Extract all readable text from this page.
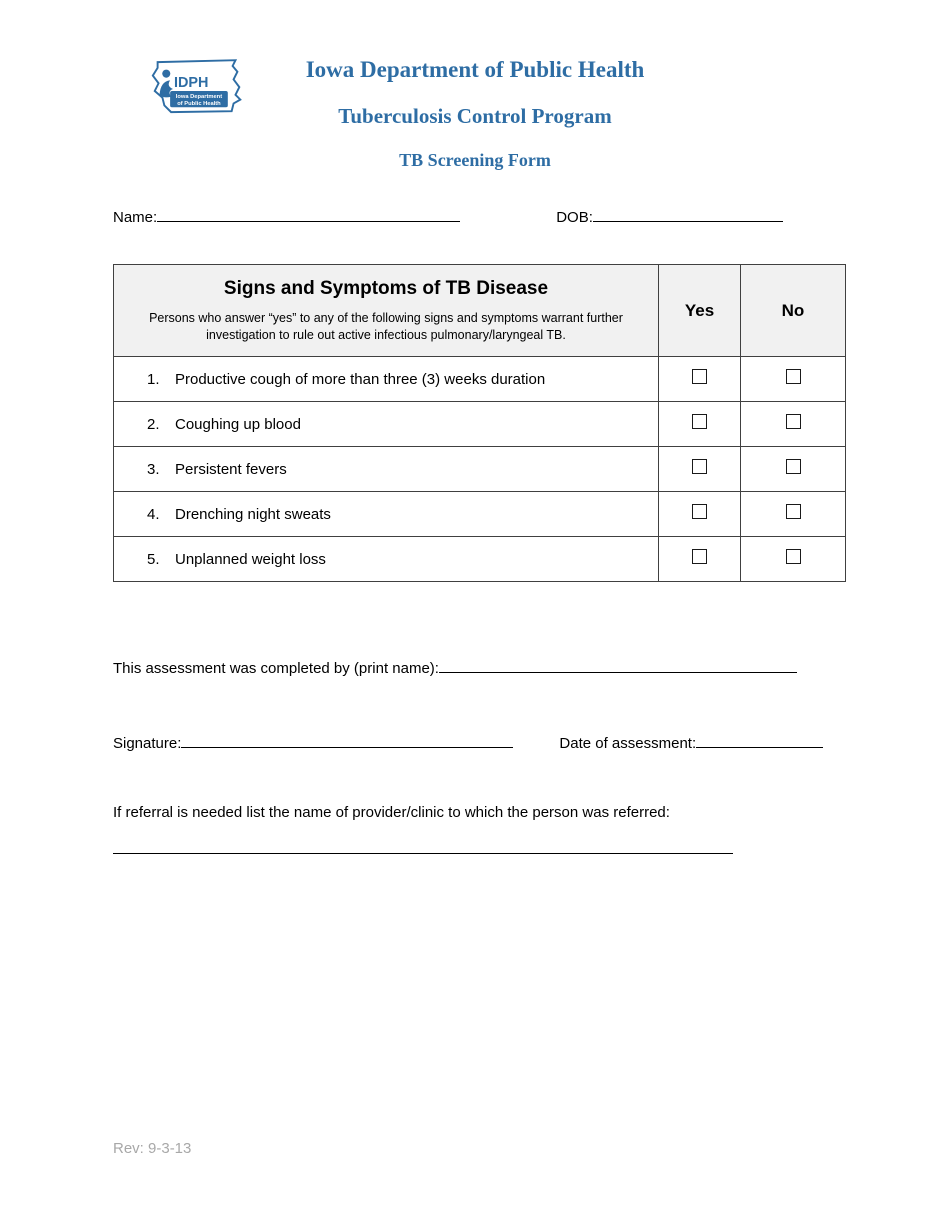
IDPH
Iowa Department
of Public Health
Iowa Department of Public Health
Tuberculosis Control Program
TB Screening Form
Name:	DOB:
Signs and Symptoms of TB Disease
Persons who answer “yes” to any of the following signs and symptoms warrant further investigation to rule out active infectious pulmonary/laryngeal TB.	Yes	No
1. Productive cough of more than three (3) weeks duration		
2. Coughing up blood		
3. Persistent fevers		
4. Drenching night sweats		
5. Unplanned weight loss		
This assessment was completed by (print name):
Signature:	Date of assessment:
If referral is needed list the name of provider/clinic to which the person was referred:
Rev: 9-3-13
